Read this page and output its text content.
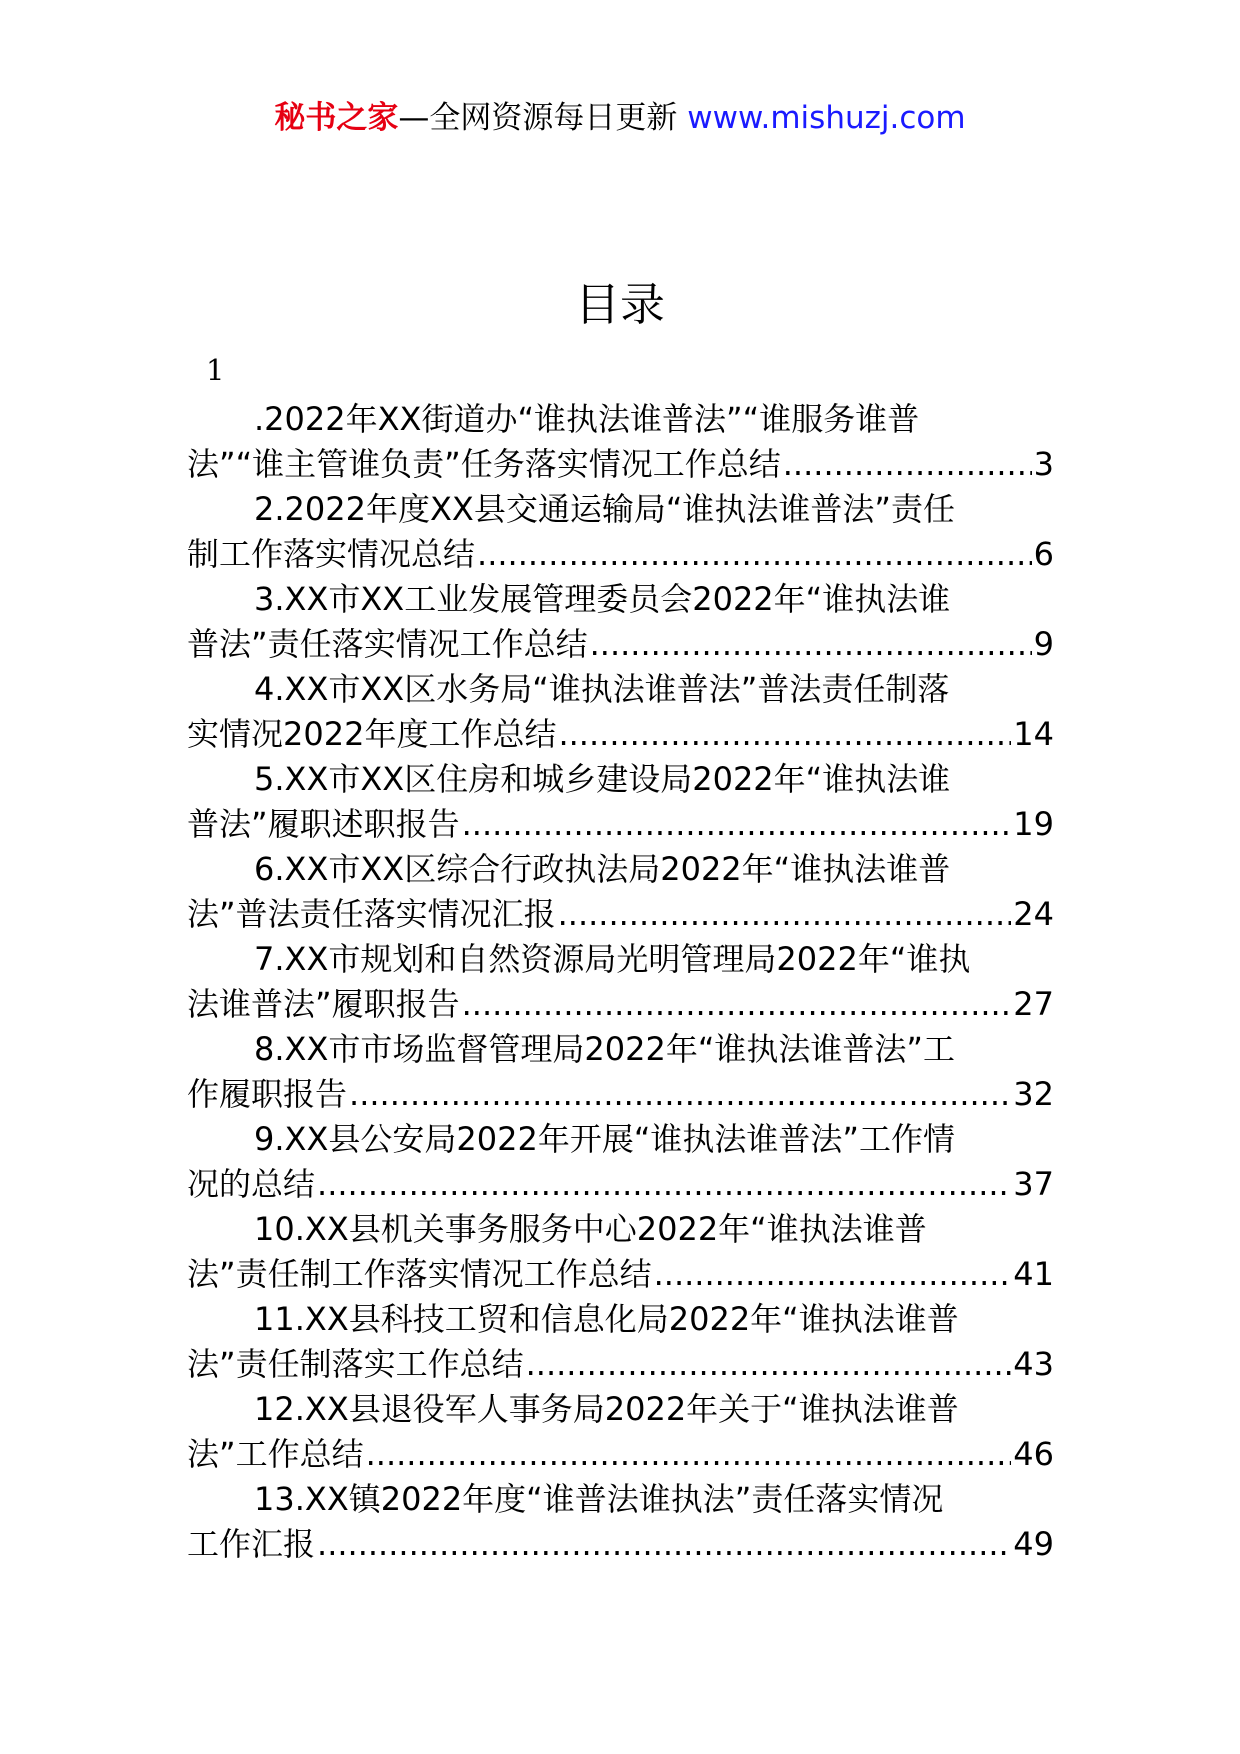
秘书之家—全网资源每日更新 www.mishuzj.com
目录
1
.2022年XX街道办“谁执法谁普法”“谁服务谁普
法”“谁主管谁负责”任务落实情况工作总结 .....	3
2.2022年度XX县交通运输局“谁执法谁普法”责任
制工作落实情况总结 .....	6
3.XX市XX工业发展管理委员会2022年“谁执法谁
普法”责任落实情况工作总结 .....	9
4.XX市XX区水务局“谁执法谁普法”普法责任制落
实情况2022年度工作总结 .....	14
5.XX市XX区住房和城乡建设局2022年“谁执法谁
普法”履职述职报告 .....	19
6.XX市XX区综合行政执法局2022年“谁执法谁普
法”普法责任落实情况汇报 .....	24
7.XX市规划和自然资源局光明管理局2022年“谁执
法谁普法”履职报告 .....	27
8.XX市市场监督管理局2022年“谁执法谁普法”工
作履职报告 .....	32
9.XX县公安局2022年开展“谁执法谁普法”工作情
况的总结 .....	37
10.XX县机关事务服务中心2022年“谁执法谁普
法”责任制工作落实情况工作总结 .....	41
11.XX县科技工贸和信息化局2022年“谁执法谁普
法”责任制落实工作总结 .....	43
12.XX县退役军人事务局2022年关于“谁执法谁普
法”工作总结 .....	46
13.XX镇2022年度“谁普法谁执法”责任落实情况
工作汇报 .....	49
